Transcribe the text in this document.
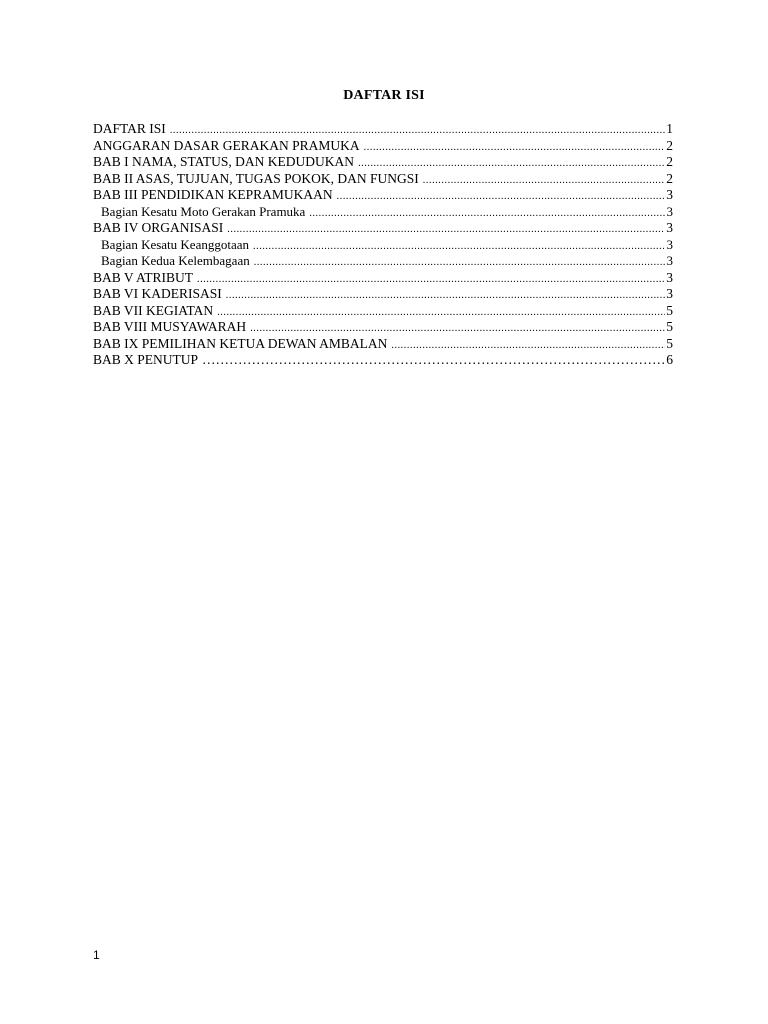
DAFTAR ISI
DAFTAR ISI .....	1
ANGGARAN DASAR GERAKAN PRAMUKA .....	2
BAB I NAMA, STATUS, DAN KEDUDUKAN .....	2
BAB II ASAS, TUJUAN, TUGAS POKOK, DAN FUNGSI .....	2
BAB III PENDIDIKAN KEPRAMUKAAN .....	3
Bagian Kesatu Moto Gerakan Pramuka .....	3
BAB IV ORGANISASI .....	3
Bagian Kesatu Keanggotaan .....	3
Bagian Kedua Kelembagaan .....	3
BAB V ATRIBUT .....	3
BAB VI KADERISASI .....	3
BAB VII KEGIATAN .....	5
BAB VIII MUSYAWARAH .....	5
BAB IX PEMILIHAN KETUA DEWAN AMBALAN .....	5
BAB X PENUTUP ……………………………………………………………………………………………………………………………………………………………	6
1
